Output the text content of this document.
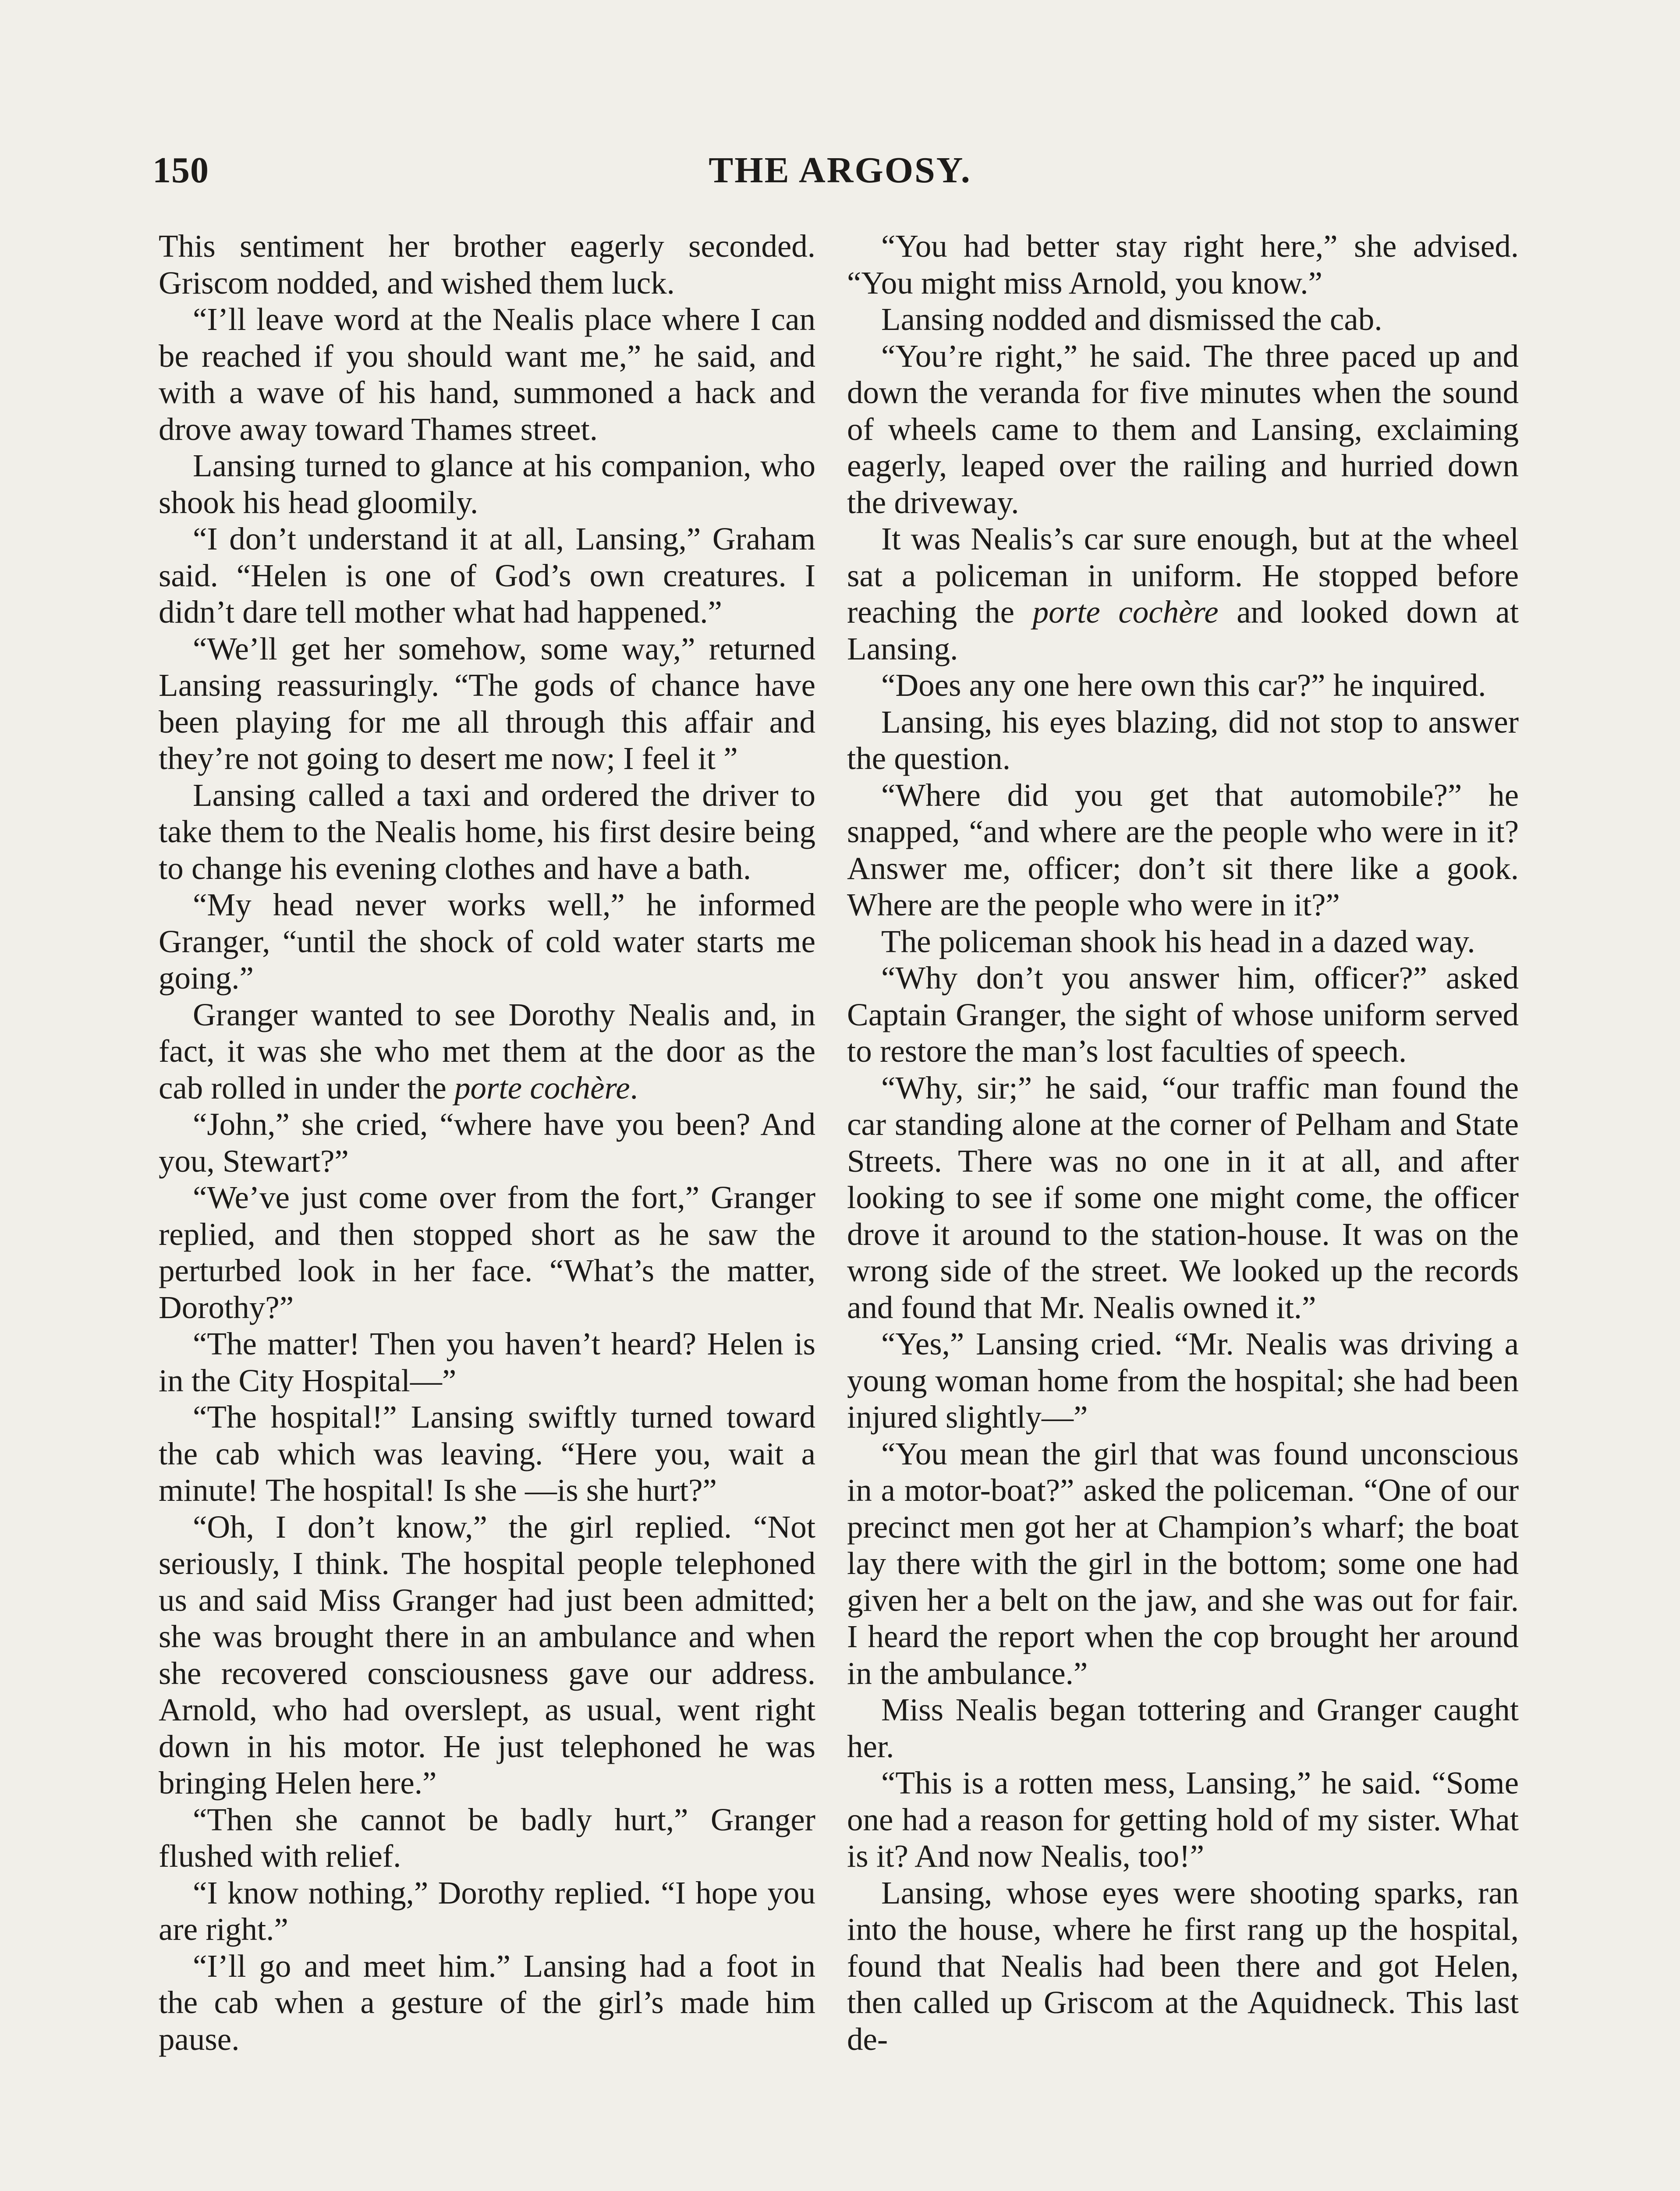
150	THE ARGOSY.

This sentiment her brother eagerly seconded. Griscom nodded, and wished them luck.

“I’ll leave word at the Nealis place where I can be reached if you should want me,” he said, and with a wave of his hand, summoned a hack and drove away toward Thames street.

Lansing turned to glance at his companion, who shook his head gloomily.

“I don’t understand it at all, Lansing,” Graham said. “Helen is one of God’s own creatures. I didn’t dare tell mother what had happened.”

“We’ll get her somehow, some way,” returned Lansing reassuringly. “The gods of chance have been playing for me all through this affair and they’re not going to desert me now; I feel it ”

Lansing called a taxi and ordered the driver to take them to the Nealis home, his first desire being to change his evening clothes and have a bath.

“My head never works well,” he informed Granger, “until the shock of cold water starts me going.”

Granger wanted to see Dorothy Nealis and, in fact, it was she who met them at the door as the cab rolled in under the porte cochère.

“John,” she cried, “where have you been? And you, Stewart?”

“We’ve just come over from the fort,” Granger replied, and then stopped short as he saw the perturbed look in her face. “What’s the matter, Dorothy?”

“The matter! Then you haven’t heard? Helen is in the City Hospital—”

“The hospital!” Lansing swiftly turned toward the cab which was leaving. “Here you, wait a minute! The hospital! Is she —is she hurt?”

“Oh, I don’t know,” the girl replied. “Not seriously, I think. The hospital people telephoned us and said Miss Granger had just been admitted; she was brought there in an ambulance and when she recovered consciousness gave our address. Arnold, who had overslept, as usual, went right down in his motor. He just telephoned he was bringing Helen here.”

“Then she cannot be badly hurt,” Granger flushed with relief.

“I know nothing,” Dorothy replied. “I hope you are right.”

“I’ll go and meet him.” Lansing had a foot in the cab when a gesture of the girl’s made him pause.

“You had better stay right here,” she advised. “You might miss Arnold, you know.”

Lansing nodded and dismissed the cab.

“You’re right,” he said. The three paced up and down the veranda for five minutes when the sound of wheels came to them and Lansing, exclaiming eagerly, leaped over the railing and hurried down the driveway.

It was Nealis’s car sure enough, but at the wheel sat a policeman in uniform. He stopped before reaching the porte cochère and looked down at Lansing.

“Does any one here own this car?” he inquired.

Lansing, his eyes blazing, did not stop to answer the question.

“Where did you get that automobile?” he snapped, “and where are the people who were in it? Answer me, officer; don’t sit there like a gook. Where are the people who were in it?”

The policeman shook his head in a dazed way.

“Why don’t you answer him, officer?” asked Captain Granger, the sight of whose uniform served to restore the man’s lost faculties of speech.

“Why, sir;” he said, “our traffic man found the car standing alone at the corner of Pelham and State Streets. There was no one in it at all, and after looking to see if some one might come, the officer drove it around to the station-house. It was on the wrong side of the street. We looked up the records and found that Mr. Nealis owned it.”

“Yes,” Lansing cried. “Mr. Nealis was driving a young woman home from the hospital; she had been injured slightly—”

“You mean the girl that was found unconscious in a motor-boat?” asked the policeman. “One of our precinct men got her at Champion’s wharf; the boat lay there with the girl in the bottom; some one had given her a belt on the jaw, and she was out for fair. I heard the report when the cop brought her around in the ambulance.”

Miss Nealis began tottering and Granger caught her.

“This is a rotten mess, Lansing,” he said. “Some one had a reason for getting hold of my sister. What is it? And now Nealis, too!”

Lansing, whose eyes were shooting sparks, ran into the house, where he first rang up the hospital, found that Nealis had been there and got Helen, then called up Griscom at the Aquidneck. This last de-
